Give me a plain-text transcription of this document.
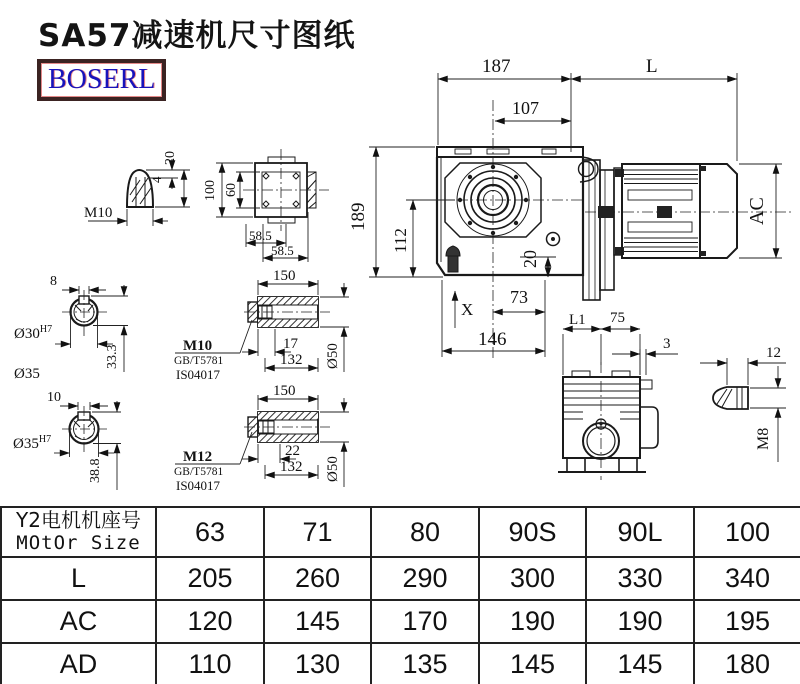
SA57减速机尺寸图纸
BOSERL
M10
4
20
100 60
58.5
58.5
8
$Ø30^{H7}$
33.3
Ø35
10
$Ø35^{H7}$
38.8
150
17
132 Ø50
M10
GB/T5781
IS04017
150
22
132 Ø50
M12
GB/T5781
IS04017
187	L
107
189
112
20
73
146
X
AC
L1 75
3
12
M8
Y2电机机座号
MOtOr Size	63	71	80	90S	90L	100
L	205	260	290	300	330	340
AC	120	145	170	190	190	195
AD	110	130	135	145	145	180
